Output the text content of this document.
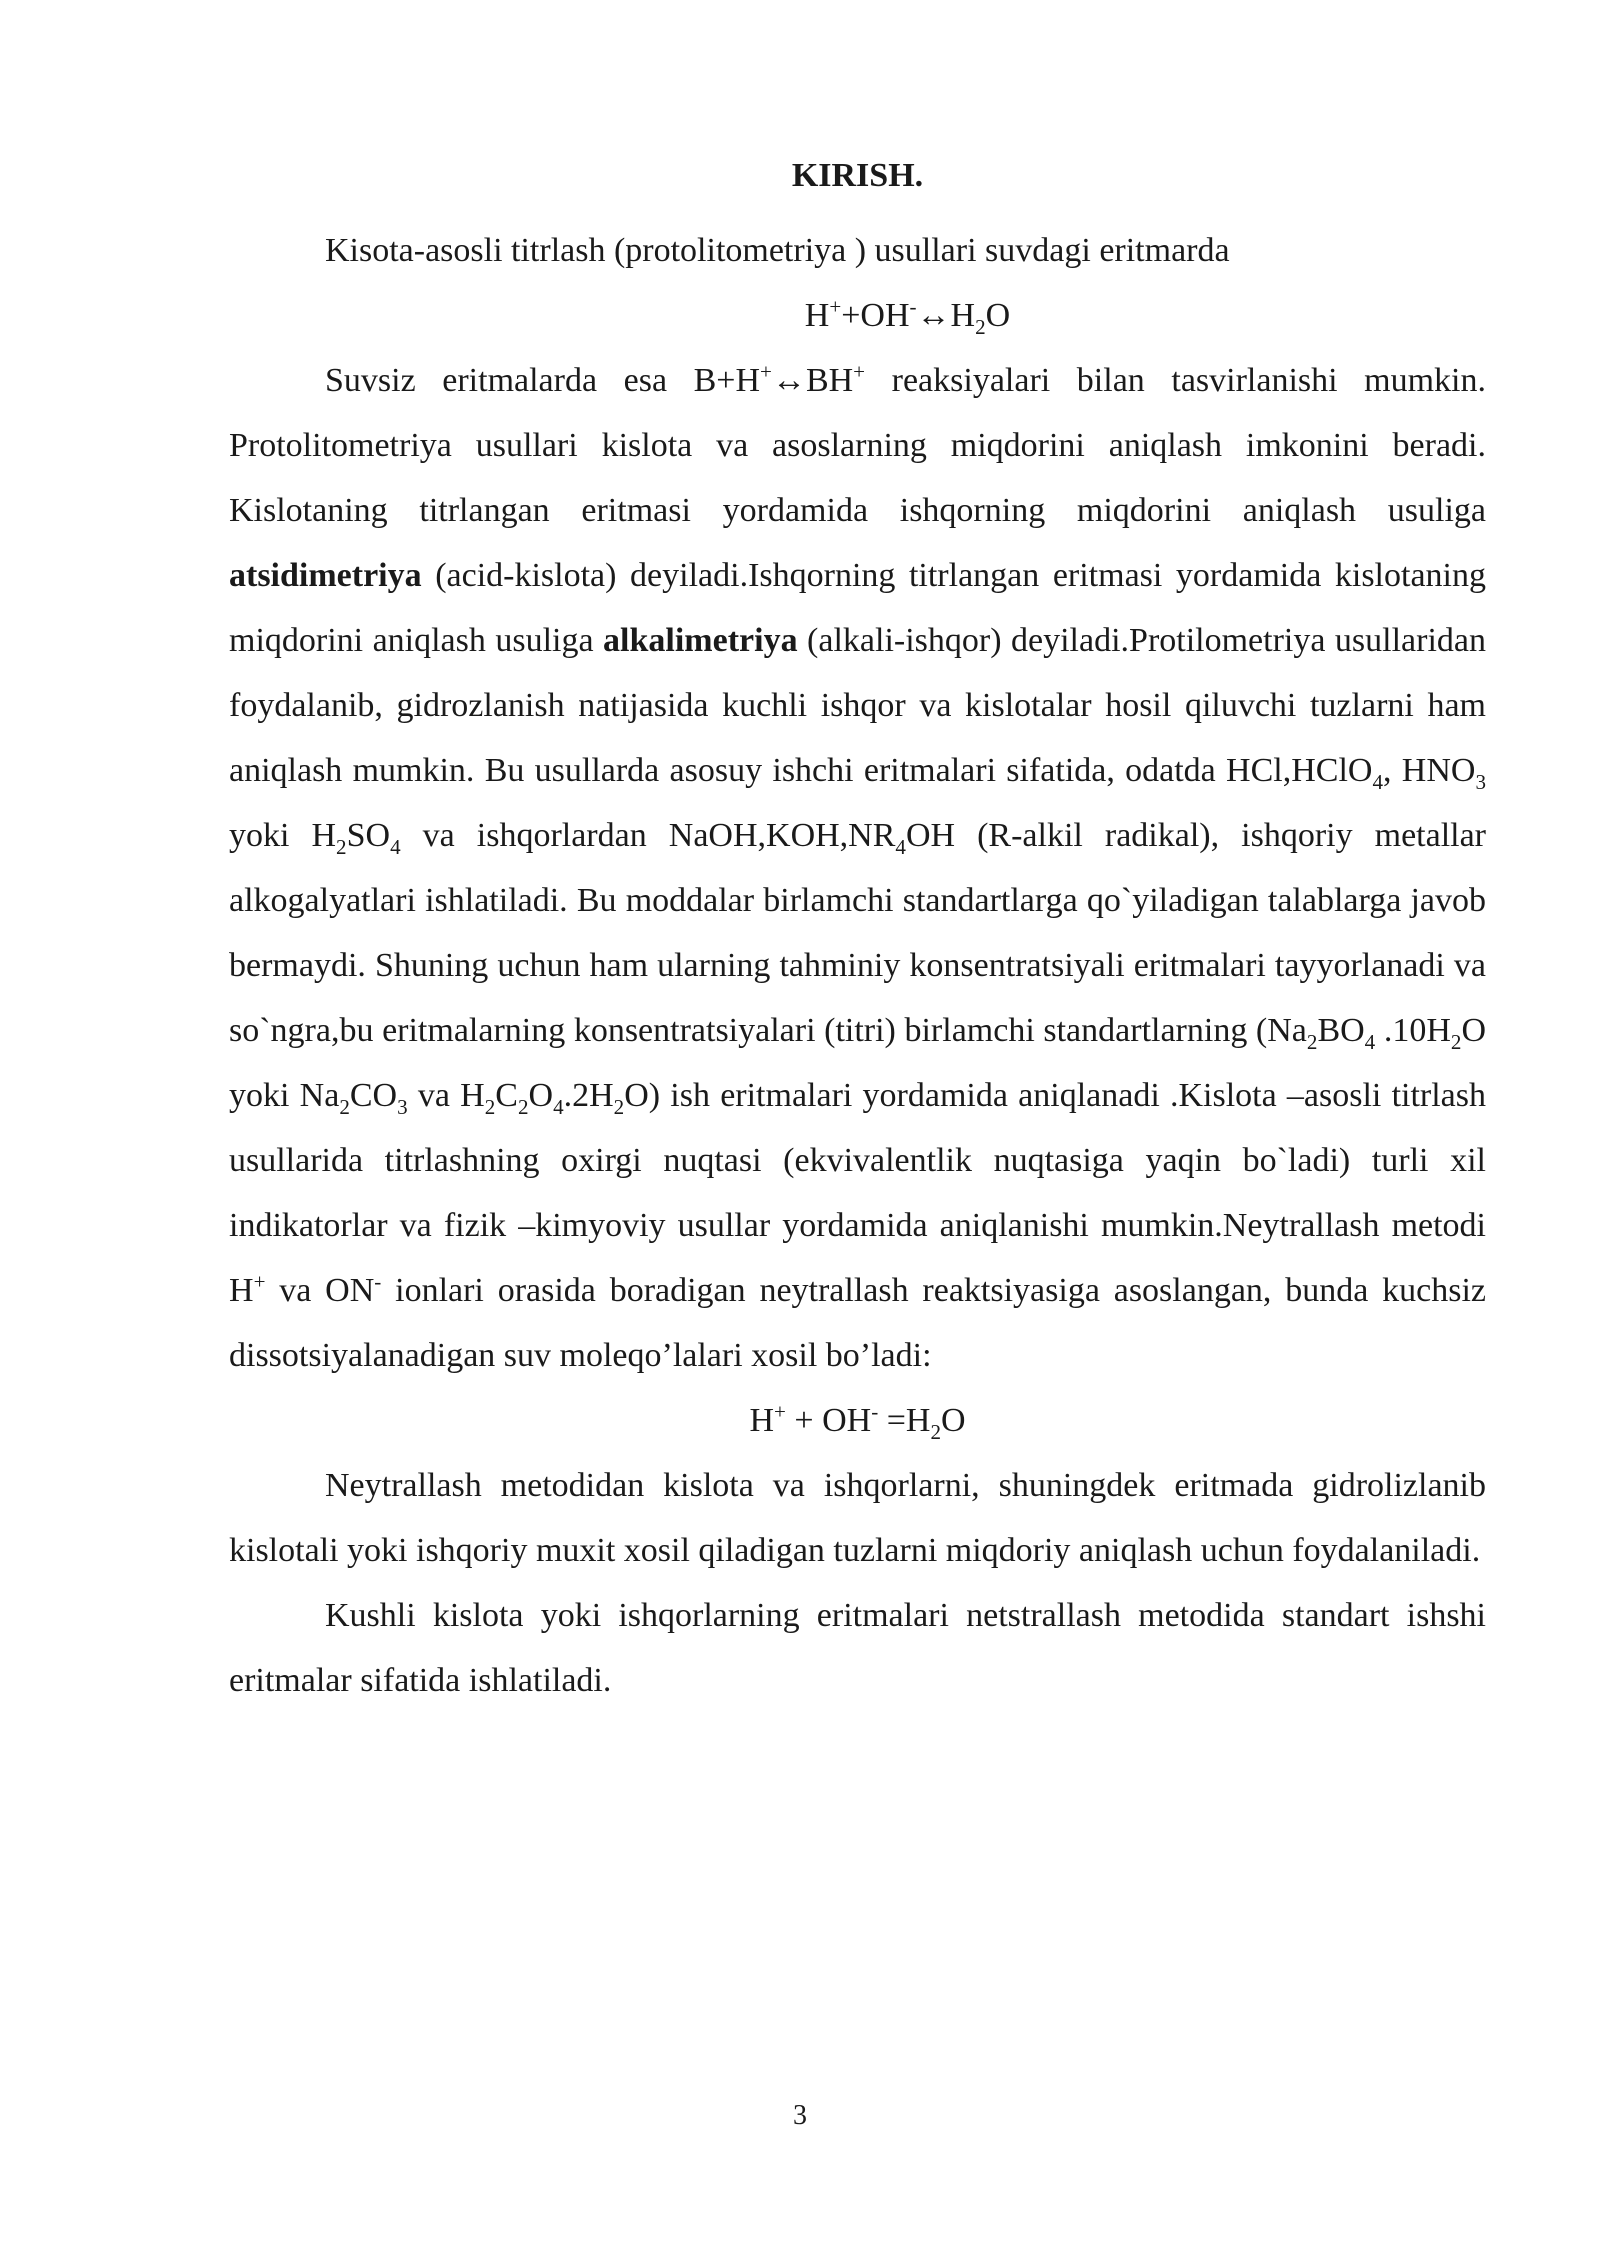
KIRISH.

Kisota-asosli titrlash (protolitometriya ) usullari suvdagi eritmarda

$H^++OH^-\leftrightarrow H_2O$

Suvsiz eritmalarda esa B+H+↔BH+ reaksiyalari bilan tasvirlanishi mumkin. Protolitometriya usullari kislota va asoslarning miqdorini aniqlash imkonini beradi. Kislotaning titrlangan eritmasi yordamida ishqorning miqdorini aniqlash usuliga atsidimetriya (acid-kislota) deyiladi.Ishqorning titrlangan eritmasi yordamida kislotaning miqdorini aniqlash usuliga alkalimetriya (alkali-ishqor) deyiladi.Protilometriya usullaridan foydalanib, gidrozlanish natijasida kuchli ishqor va kislotalar hosil qiluvchi tuzlarni ham aniqlash mumkin. Bu usullarda asosuy ishchi eritmalari sifatida, odatda HCl,HClO$_4$, $HNO_3$ yoki $H_2SO_4$ va ishqorlardan $NaOH,KOH,NR_4OH$ (R-alkil radikal), ishqoriy metallar alkogalyatlari ishlatiladi. Bu moddalar birlamchi standartlarga qo`yiladigan talablarga javob bermaydi. Shuning uchun ham ularning tahminiy konsentratsiyali eritmalari tayyorlanadi va so`ngra,bu eritmalarning konsentratsiyalari (titri) birlamchi standartlarning ($Na_2BO_4$ $.10H_2O$ yoki $Na_2CO_3$ va $H_2C_2O_4.2H_2O$) ish eritmalari yordamida aniqlanadi .Kislota –asosli titrlash usullarida titrlashning oxirgi nuqtasi (ekvivalentlik nuqtasiga yaqin bo`ladi) turli xil indikatorlar va fizik –kimyoviy usullar yordamida aniqlanishi mumkin.Neytrallash metodi H+ va ON- ionlari orasida boradigan neytrallash reaktsiyasiga asoslangan, bunda kuchsiz dissotsiyalanadigan suv moleqo’lalari xosil bo’ladi:

$H^+ + OH^- =H_2O$

Neytrallash metodidan kislota va ishqorlarni, shuningdek eritmada gidrolizlanib kislotali yoki ishqoriy muxit xosil qiladigan tuzlarni miqdoriy aniqlash uchun foydalaniladi.

Kushli kislota yoki ishqorlarning eritmalari netstrallash metodida standart ishshi eritmalar sifatida ishlatiladi.

3
